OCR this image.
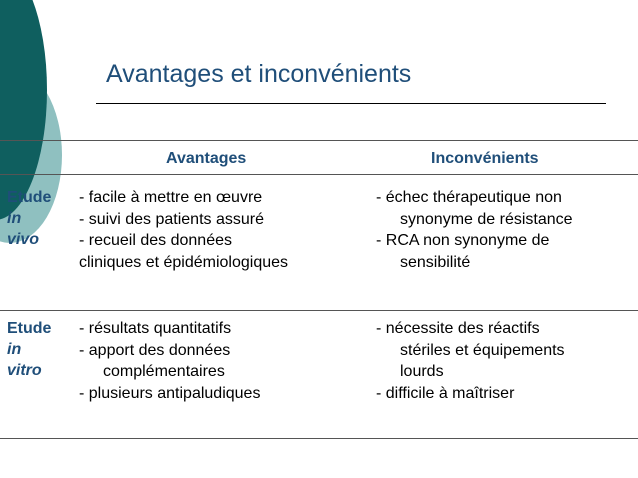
Avantages et inconvénients
Avantages	Inconvénients
Etude
in
vivo
- facile à mettre en œuvre
- suivi des patients assuré
- recueil des données
cliniques et épidémiologiques
- échec thérapeutique non
synonyme de résistance
- RCA non synonyme de
sensibilité
Etude
in
vitro
- résultats quantitatifs
- apport des données
complémentaires
- plusieurs antipaludiques
- nécessite des réactifs
stériles et équipements
lourds
- difficile à maîtriser
